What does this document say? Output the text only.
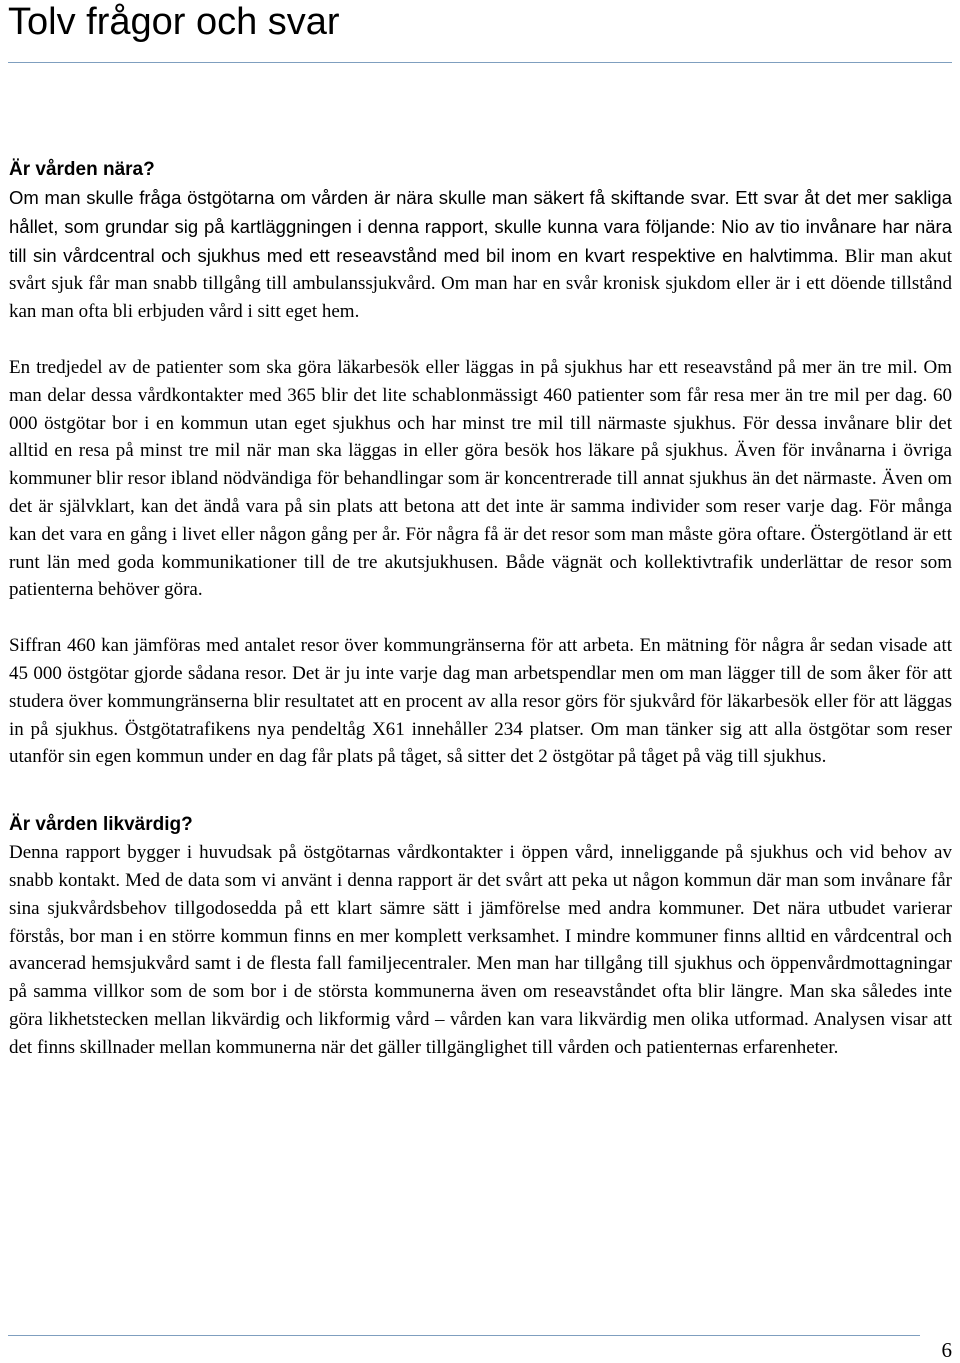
Tolv frågor och svar
Är vården nära?

Om man skulle fråga östgötarna om vården är nära skulle man säkert få skiftande svar. Ett svar åt det mer sakliga hållet, som grundar sig på kartläggningen i denna rapport, skulle kunna vara följande: Nio av tio invånare har nära till sin vårdcentral och sjukhus med ett reseavstånd med bil inom en kvart respektive en halvtimma. Blir man akut svårt sjuk får man snabb tillgång till ambulanssjukvård. Om man har en svår kronisk sjukdom eller är i ett döende tillstånd kan man ofta bli erbjuden vård i sitt eget hem.

En tredjedel av de patienter som ska göra läkarbesök eller läggas in på sjukhus har ett reseavstånd på mer än tre mil. Om man delar dessa vårdkontakter med 365 blir det lite schablonmässigt 460 patienter som får resa mer än tre mil per dag. 60 000 östgötar bor i en kommun utan eget sjukhus och har minst tre mil till närmaste sjukhus. För dessa invånare blir det alltid en resa på minst tre mil när man ska läggas in eller göra besök hos läkare på sjukhus. Även för invånarna i övriga kommuner blir resor ibland nödvändiga för behandlingar som är koncentrerade till annat sjukhus än det närmaste. Även om det är självklart, kan det ändå vara på sin plats att betona att det inte är samma individer som reser varje dag. För många kan det vara en gång i livet eller någon gång per år. För några få är det resor som man måste göra oftare. Östergötland är ett runt län med goda kommunikationer till de tre akutsjukhusen. Både vägnät och kollektivtrafik underlättar de resor som patienterna behöver göra.

Siffran 460 kan jämföras med antalet resor över kommungränserna för att arbeta. En mätning för några år sedan visade att 45 000 östgötar gjorde sådana resor. Det är ju inte varje dag man arbetspendlar men om man lägger till de som åker för att studera över kommungränserna blir resultatet att en procent av alla resor görs för sjukvård för läkarbesök eller för att läggas in på sjukhus. Östgötatrafikens nya pendeltåg X61 innehåller 234 platser. Om man tänker sig att alla östgötar som reser utanför sin egen kommun under en dag får plats på tåget, så sitter det 2 östgötar på tåget på väg till sjukhus.

Är vården likvärdig?

Denna rapport bygger i huvudsak på östgötarnas vårdkontakter i öppen vård, inneliggande på sjukhus och vid behov av snabb kontakt. Med de data som vi använt i denna rapport är det svårt att peka ut någon kommun där man som invånare får sina sjukvårdsbehov tillgodosedda på ett klart sämre sätt i jämförelse med andra kommuner. Det nära utbudet varierar förstås, bor man i en större kommun finns en mer komplett verksamhet. I mindre kommuner finns alltid en vårdcentral och avancerad hemsjukvård samt i de flesta fall familjecentraler. Men man har tillgång till sjukhus och öppenvårdmottagningar på samma villkor som de som bor i de största kommunerna även om reseavståndet ofta blir längre. Man ska således inte göra likhetstecken mellan likvärdig och likformig vård – vården kan vara likvärdig men olika utformad. Analysen visar att det finns skillnader mellan kommunerna när det gäller tillgänglighet till vården och patienternas erfarenheter.

6
